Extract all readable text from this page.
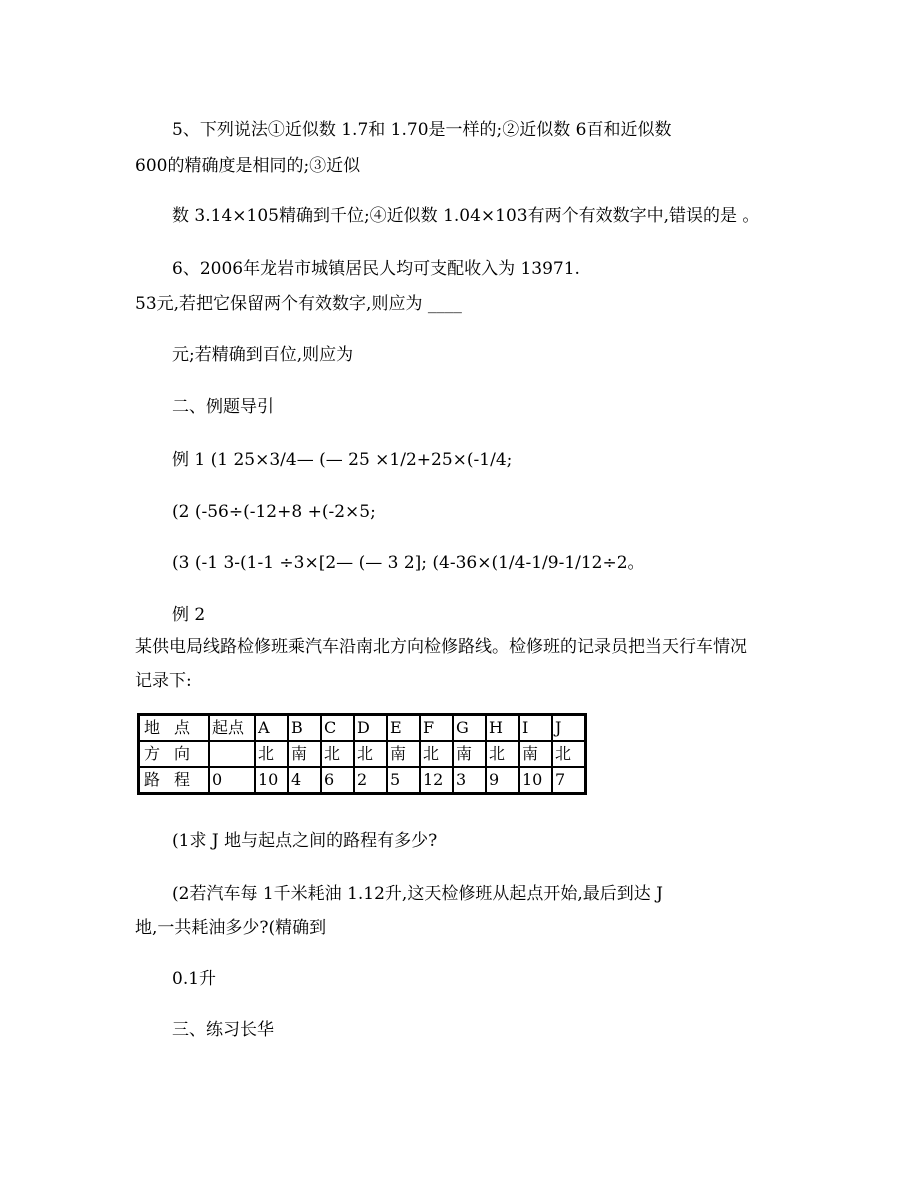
5、下列说法①近似数 1.7和 1.70是一样的;②近似数 6百和近似数
600的精确度是相同的;③近似
数 3.14×105精确到千位;④近似数 1.04×103有两个有效数字中,错误的是 。
6、2006年龙岩市城镇居民人均可支配收入为 13971.
53元,若把它保留两个有效数字,则应为 ____
元;若精确到百位,则应为
二、例题导引
例 1 (1 25×3/4— (— 25 ×1/2+25×(-1/4;
(2 (-56÷(-12+8 +(-2×5;
(3 (-1 3-(1-1 ÷3×[2— (— 3 2]; (4-36×(1/4-1/9-1/12÷2。
例 2
某供电局线路检修班乘汽车沿南北方向检修路线。检修班的记录员把当天行车情况
记录下:
地点	起点	A	B	C	D	E	F	G	H	I	J
方向		北	南	北	北	南	北	南	北	南	北
路程	0	10	4	6	2	5	12	3	9	10	7
(1求 J 地与起点之间的路程有多少?
(2若汽车每 1千米耗油 1.12升,这天检修班从起点开始,最后到达 J
地,一共耗油多少?(精确到
0.1升
三、练习长华
